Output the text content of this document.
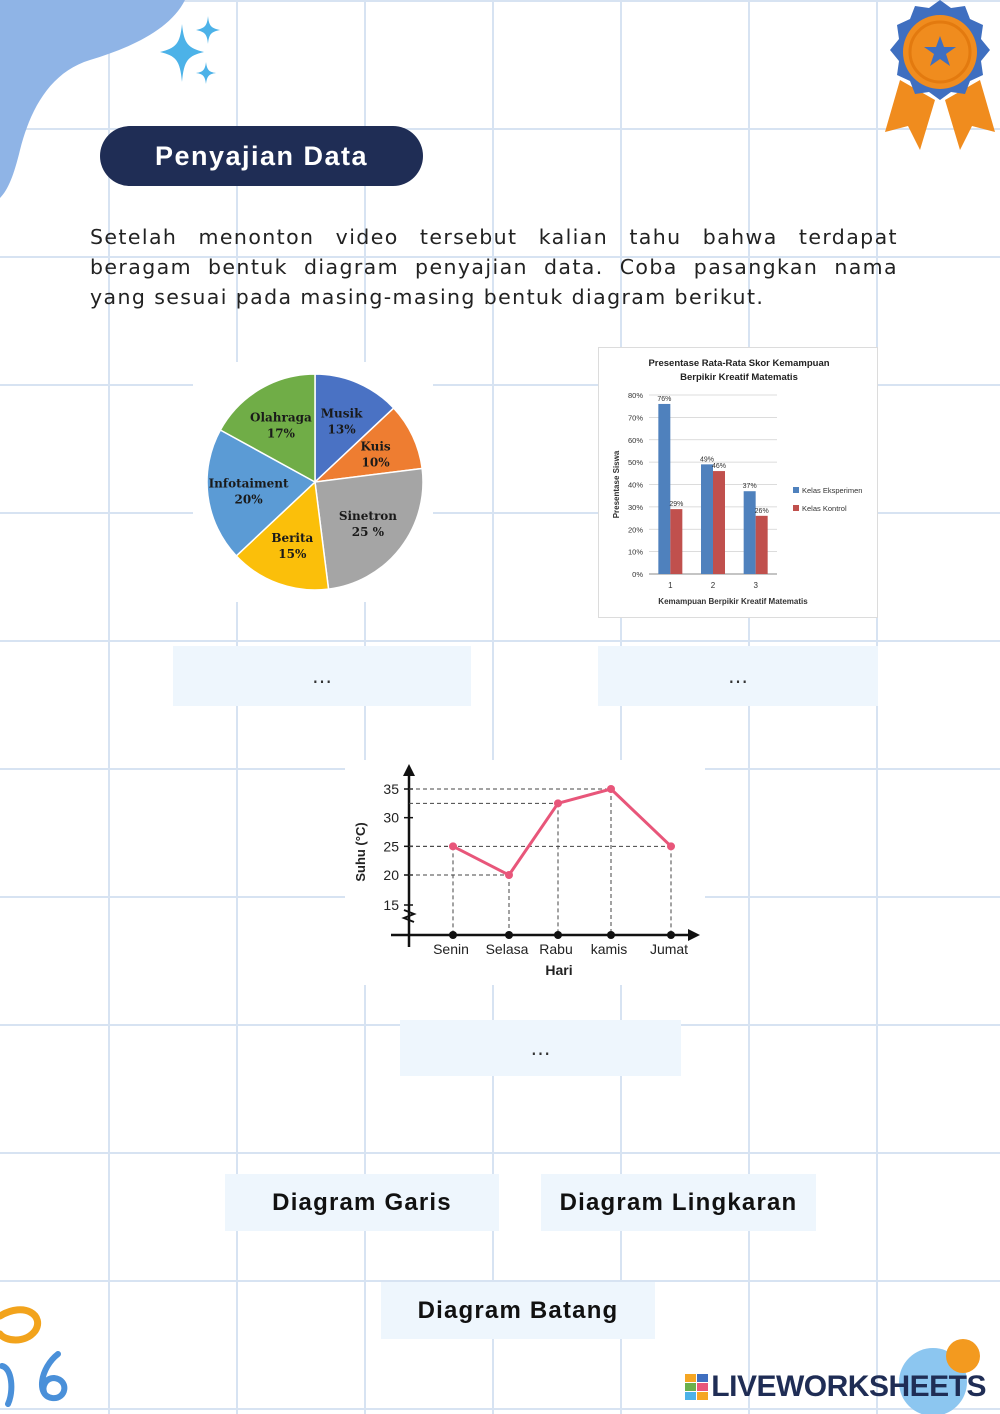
Penyajian Data

Setelah menonton video tersebut kalian tahu bahwa terdapat beragam bentuk diagram penyajian data. Coba pasangkan nama yang sesuai pada masing-masing bentuk diagram berikut.

Musik
13%
Kuis
10%
Sinetron
25 %
Berita
15%
Infotaiment
20%
Olahraga
17%
Presentase Rata-Rata Skor Kemampuan
Berpikir Kreatif Matematis
0%
10%
20%
30%
40%
50%
60%
70%
80% 76%
29%
1
49%
46%
2
37%
26%
3
Kemampuan Berpikir Kreatif Matematis
Presentase Siswa	Kelas Eksperimen
Kelas Kontrol
…	…
15
20
25
30
35
Senin Selasa Rabu kamis Jumat
Hari
Suhu (°C)
…
Diagram Garis	Diagram Lingkaran
Diagram Batang
LIVEWORKSHEETS
